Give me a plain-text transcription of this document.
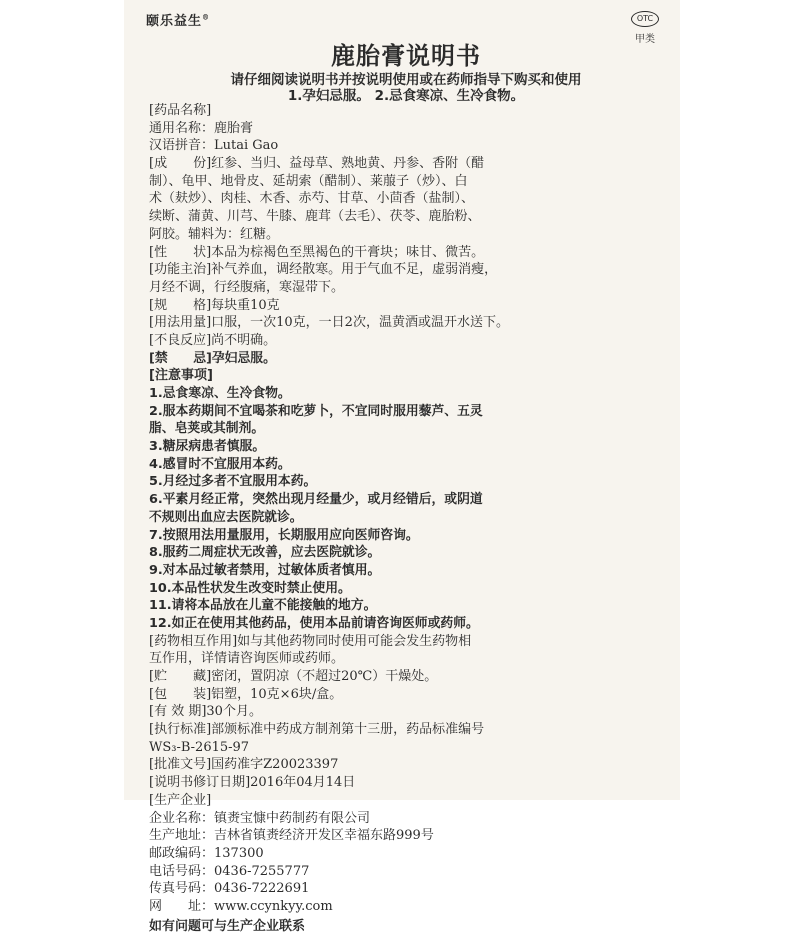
颐乐益生®	OTC
甲类
鹿胎膏说明书
请仔细阅读说明书并按说明使用或在药师指导下购买和使用
1.孕妇忌服。 2.忌食寒凉、生冷食物。
[药品名称]
通用名称：鹿胎膏
汉语拼音：Lutai Gao
[成　　份]红参、当归、益母草、熟地黄、丹参、香附（醋
制）、龟甲、地骨皮、延胡索（醋制）、莱菔子（炒）、白
术（麸炒）、肉桂、木香、赤芍、甘草、小茴香（盐制）、
续断、蒲黄、川芎、牛膝、鹿茸（去毛）、茯苓、鹿胎粉、
阿胶。辅料为：红糖。
[性　　状]本品为棕褐色至黑褐色的干膏块；味甘、微苦。
[功能主治]补气养血，调经散寒。用于气血不足，虚弱消瘦，
月经不调，行经腹痛，寒湿带下。
[规　　格]每块重10克
[用法用量]口服，一次10克，一日2次，温黄酒或温开水送下。
[不良反应]尚不明确。
[禁　　忌]孕妇忌服。
[注意事项]
1.忌食寒凉、生冷食物。
2.服本药期间不宜喝茶和吃萝卜，不宜同时服用藜芦、五灵
脂、皂荚或其制剂。
3.糖尿病患者慎服。
4.感冒时不宜服用本药。
5.月经过多者不宜服用本药。
6.平素月经正常，突然出现月经量少，或月经错后，或阴道
不规则出血应去医院就诊。
7.按照用法用量服用，长期服用应向医师咨询。
8.服药二周症状无改善，应去医院就诊。
9.对本品过敏者禁用，过敏体质者慎用。
10.本品性状发生改变时禁止使用。
11.请将本品放在儿童不能接触的地方。
12.如正在使用其他药品，使用本品前请咨询医师或药师。
[药物相互作用]如与其他药物同时使用可能会发生药物相
互作用，详情请咨询医师或药师。
[贮　　藏]密闭，置阴凉（不超过20℃）干燥处。
[包　　装]铝塑，10克×6块/盒。
[有 效 期]30个月。
[执行标准]部颁标准中药成方制剂第十三册，药品标准编号
WS₃-B-2615-97
[批准文号]国药准字Z20023397
[说明书修订日期]2016年04月14日
[生产企业]
企业名称：镇赉宝慷中药制药有限公司
生产地址：吉林省镇赉经济开发区幸福东路999号
邮政编码：137300
电话号码：0436-7255777
传真号码：0436-7222691
网　　址：www.ccynkyy.com
如有问题可与生产企业联系
